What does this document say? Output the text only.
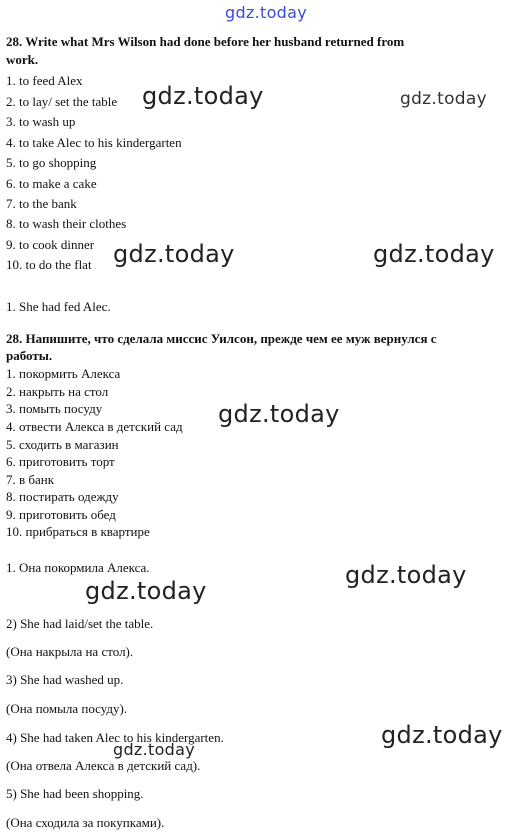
gdz.today
gdz.today	gdz.today
gdz.today	gdz.today
gdz.today
gdz.today
gdz.today
gdz.today
gdz.today

28. Write what Mrs Wilson had done before her husband returned from

work.

1. to feed Alex

2. to lay/ set the table

3. to wash up

4. to take Alec to his kindergarten

5. to go shopping

6. to make a cake

7. to the bank

8. to wash their clothes

9. to cook dinner

10. to do the flat

1. She had fed Alec.

28. Напишите, что сделала миссис Уилсон, прежде чем ее муж вернулся с

работы.

1. покормить Алекса

2. накрыть на стол

3. помыть посуду

4. отвести Алекса в детский сад

5. сходить в магазин

6. приготовить торт

7. в банк

8. постирать одежду

9. приготовить обед

10. прибраться в квартире

1. Она покормила Алекса.

2) She had laid/set the table.

(Она накрыла на стол).

3) She had washed up.

(Она помыла посуду).

4) She had taken Alec to his kindergarten.

(Она отвела Алекса в детский сад).

5) She had been shopping.

(Она сходила за покупками).
